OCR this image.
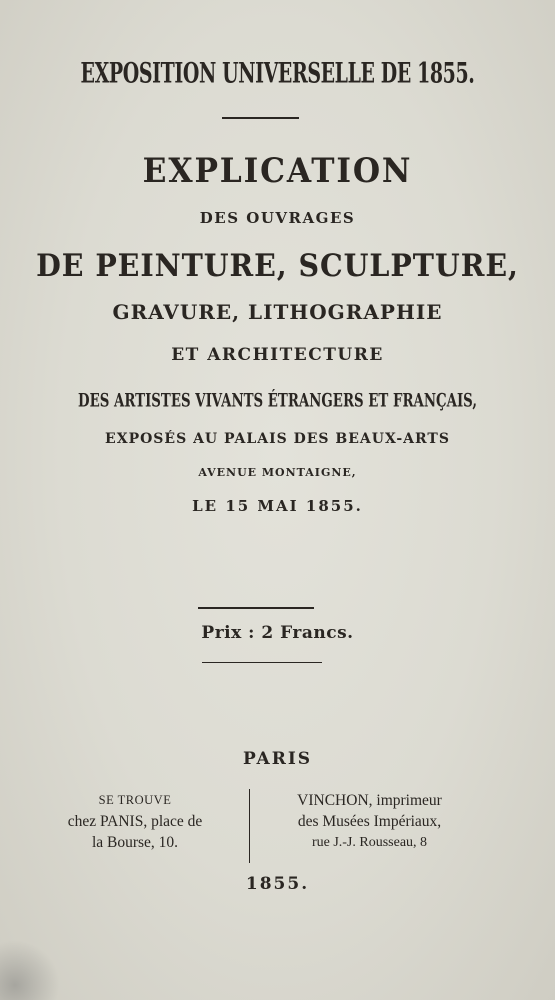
EXPOSITION UNIVERSELLE DE 1855.
EXPLICATION
DES OUVRAGES
DE PEINTURE, SCULPTURE,
GRAVURE, LITHOGRAPHIE
ET ARCHITECTURE
DES ARTISTES VIVANTS ÉTRANGERS ET FRANÇAIS,
EXPOSÉS AU PALAIS DES BEAUX-ARTS
AVENUE MONTAIGNE,
LE 15 MAI 1855.
Prix : 2 Francs.
PARIS
SE TROUVE
chez PANIS, place de
la Bourse, 10.
VINCHON, imprimeur
des Musées Impériaux,
rue J.-J. Rousseau, 8
1855.
